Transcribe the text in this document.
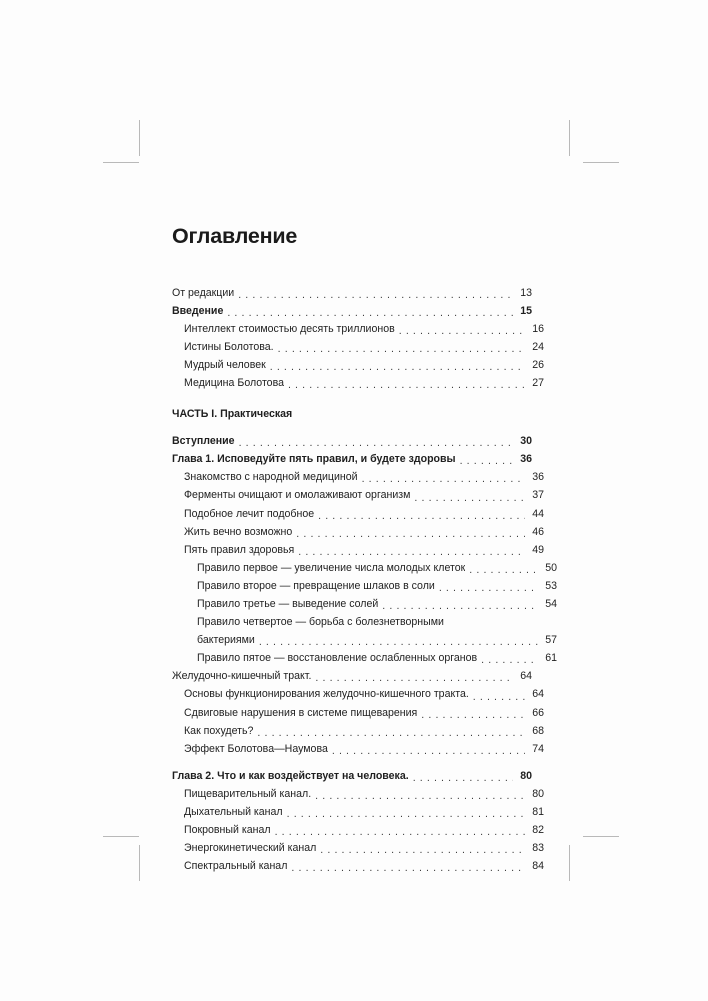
Оглавление
От редакции . . .	13
Введение . . .	15
Интеллект стоимостью десять триллионов . . .	16
Истины Болотова. . . .	24
Мудрый человек . . .	26
Медицина Болотова . . .	27
ЧАСТЬ I. Практическая
Вступление . . .	30
Глава 1. Исповедуйте пять правил, и будете здоровы . . .	36
Знакомство с народной медициной . . .	36
Ферменты очищают и омолаживают организм . . .	37
Подобное лечит подобное . . .	44
Жить вечно возможно . . .	46
Пять правил здоровья . . .	49
Правило первое — увеличение числа молодых клеток . . .	50
Правило второе — превращение шлаков в соли . . .	53
Правило третье — выведение солей . . .	54
Правило четвертое — борьба с болезнетворными
бактериями . . .	57
Правило пятое — восстановление ослабленных органов . . .	61
Желудочно-кишечный тракт. . . .	64
Основы функционирования желудочно-кишечного тракта. . . .	64
Сдвиговые нарушения в системе пищеварения . . .	66
Как похудеть? . . .	68
Эффект Болотова—Наумова . . .	74
Глава 2. Что и как воздействует на человека. . . .	80
Пищеварительный канал. . . .	80
Дыхательный канал . . .	81
Покровный канал . . .	82
Энергокинетический канал . . .	83
Спектральный канал . . .	84
